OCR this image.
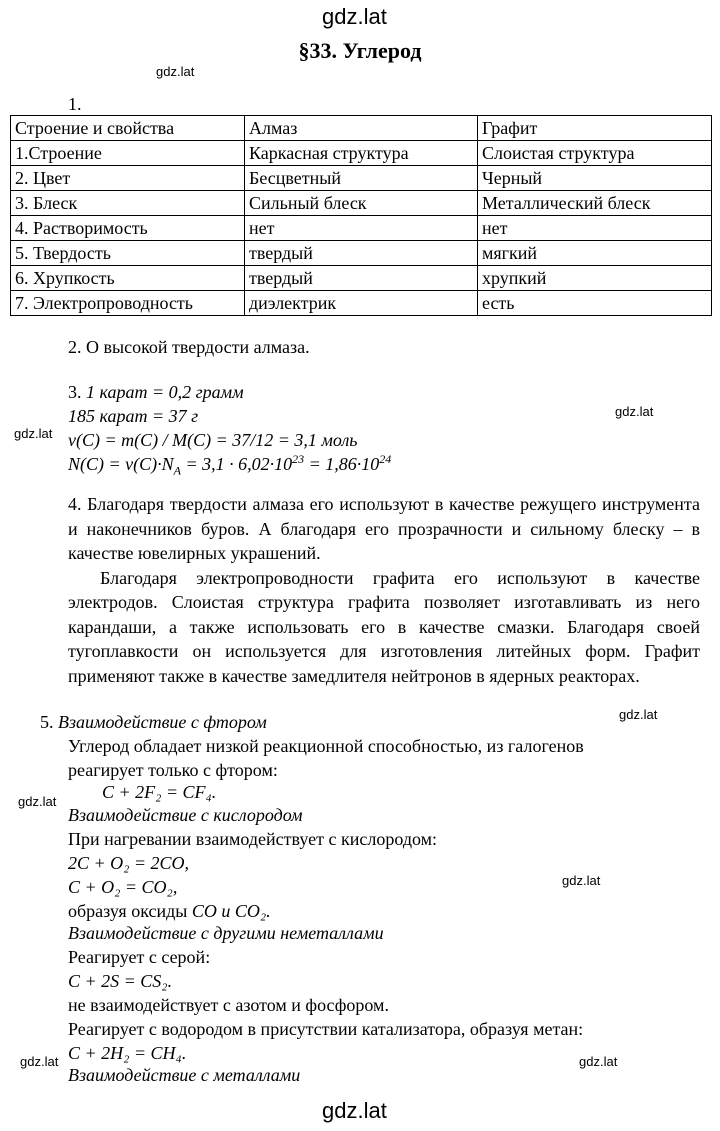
gdz.lat
gdz.lat
gdz.lat
gdz.lat
gdz.lat
gdz.lat
gdz.lat
gdz.lat	gdz.lat
gdz.lat
§33. Углерод
1.
Строение и свойства	Алмаз	Графит
1.Строение	Каркасная структура	Слоистая структура
2. Цвет	Бесцветный	Черный
3. Блеск	Сильный блеск	Металлический блеск
4. Растворимость	нет	нет
5. Твердость	твердый	мягкий
6. Хрупкость	твердый	хрупкий
7. Электропроводность	диэлектрик	есть
2. О высокой твердости алмаза.
3. 1 карат = 0,2 грамм
185 карат = 37 г
ν(C) = m(C) / M(C) = 37/12 = 3,1 моль
$N(C) = \nu(C)\cdot N_A = 3,1 \cdot 6,02\cdot 10^{23} = 1,86\cdot 10^{24}$

4. Благодаря твердости алмаза его используют в качестве режущего инструмента и наконечников буров. А благодаря его прозрачности и сильному блеску – в качестве ювелирных украшений.

Благодаря электропроводности графита его используют в качестве электродов. Слоистая структура графита позволяет изготавливать из него карандаши, а также использовать его в качестве смазки. Благодаря своей тугоплавкости он используется для изготовления литейных форм. Графит применяют также в качестве замедлителя нейтронов в ядерных реакторах.

5. Взаимодействие с фтором
Углерод обладает низкой реакционной способностью, из галогенов
реагирует только с фтором:
C + 2F₂ = CF₄.
Взаимодействие с кислородом
При нагревании взаимодействует с кислородом:
2C + O₂ = 2CO,
C + O₂ = CO₂,
образуя оксиды CO и CO₂.
Взаимодействие с другими неметаллами
Реагирует с серой:
C + 2S = CS₂.
не взаимодействует с азотом и фосфором.
Реагирует с водородом в присутствии катализатора, образуя метан:
C + 2H₂ = CH₄.
Взаимодействие с металлами
